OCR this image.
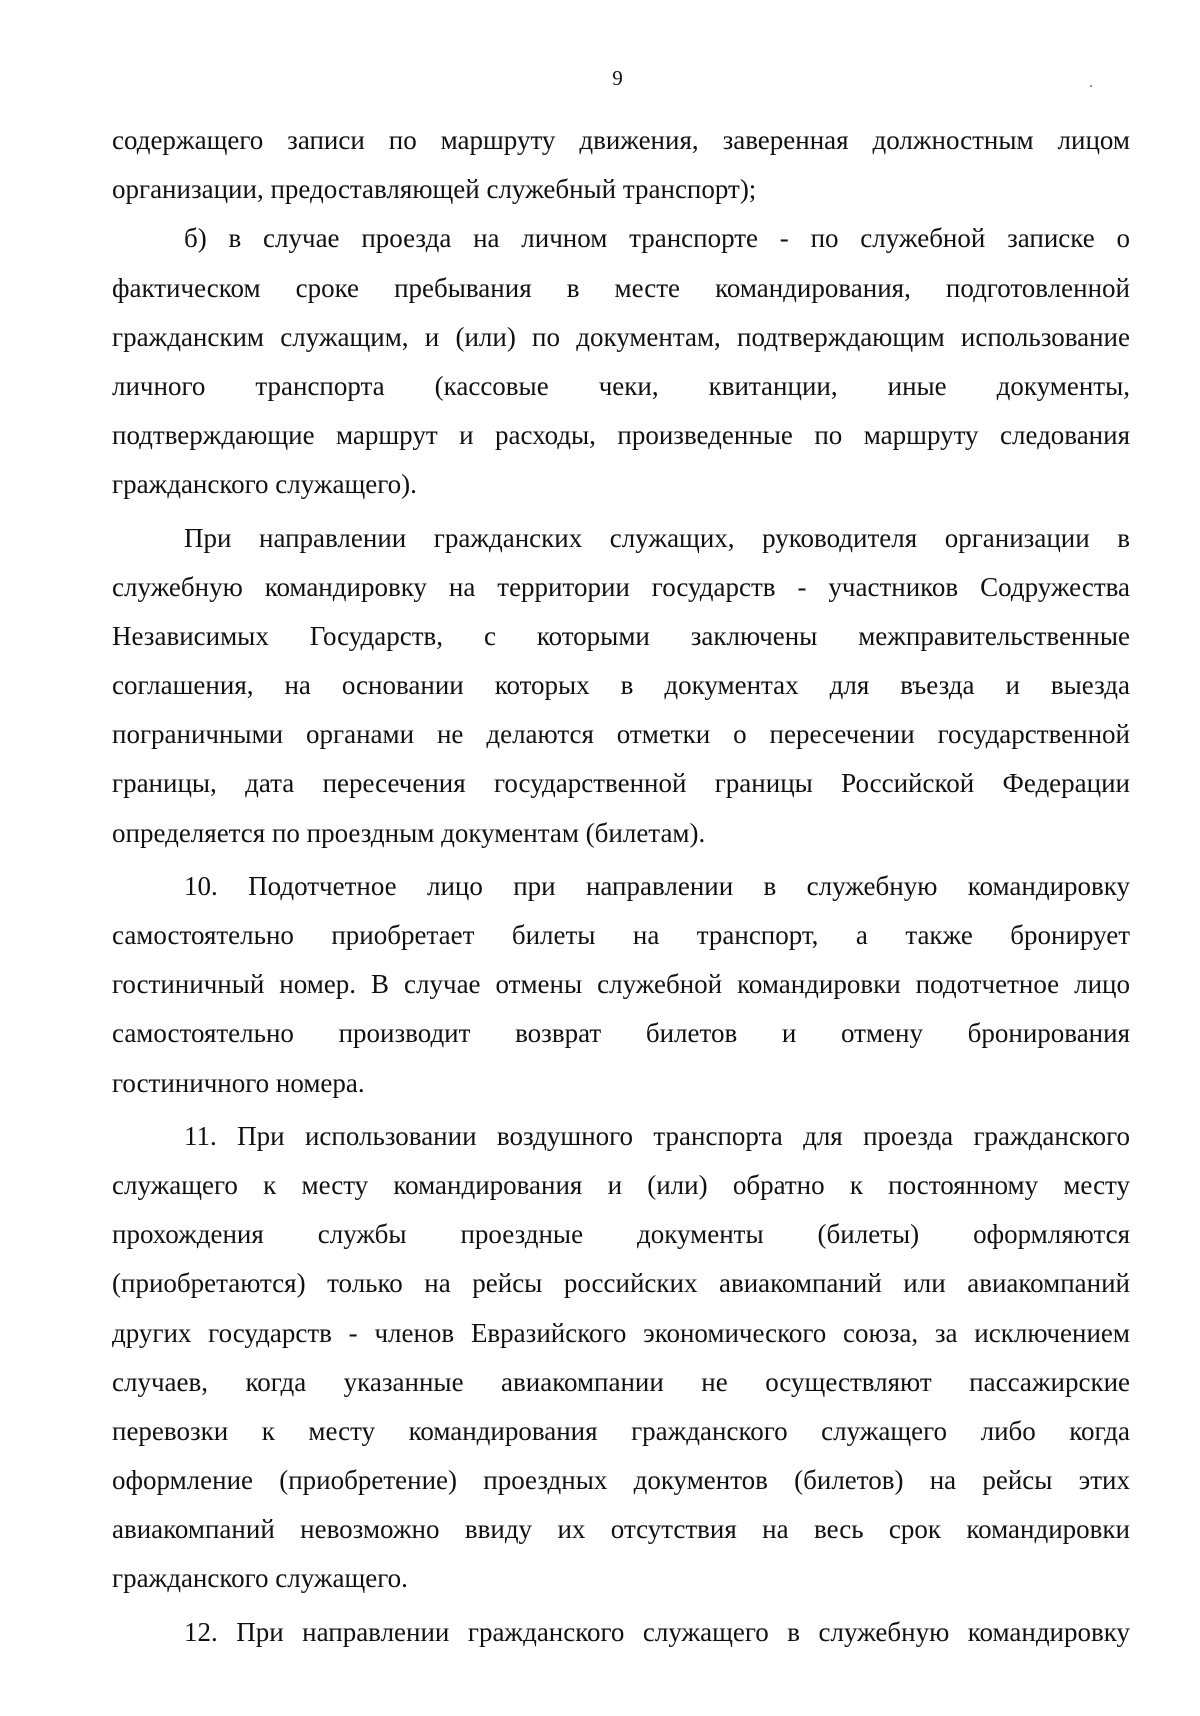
9
содержащего записи по маршруту движения, заверенная должностным лицом
организации, предоставляющей служебный транспорт);
б) в случае проезда на личном транспорте - по служебной записке о
фактическом сроке пребывания в месте командирования, подготовленной
гражданским служащим, и (или) по документам, подтверждающим использование
личного транспорта (кассовые чеки, квитанции, иные документы,
подтверждающие маршрут и расходы, произведенные по маршруту следования
гражданского служащего).
При направлении гражданских служащих, руководителя организации в
служебную командировку на территории государств - участников Содружества
Независимых Государств, с которыми заключены межправительственные
соглашения, на основании которых в документах для въезда и выезда
пограничными органами не делаются отметки о пересечении государственной
границы, дата пересечения государственной границы Российской Федерации
определяется по проездным документам (билетам).
10. Подотчетное лицо при направлении в служебную командировку
самостоятельно приобретает билеты на транспорт, а также бронирует
гостиничный номер. В случае отмены служебной командировки подотчетное лицо
самостоятельно производит возврат билетов и отмену бронирования
гостиничного номера.
11. При использовании воздушного транспорта для проезда гражданского
служащего к месту командирования и (или) обратно к постоянному месту
прохождения службы проездные документы (билеты) оформляются
(приобретаются) только на рейсы российских авиакомпаний или авиакомпаний
других государств - членов Евразийского экономического союза, за исключением
случаев, когда указанные авиакомпании не осуществляют пассажирские
перевозки к месту командирования гражданского служащего либо когда
оформление (приобретение) проездных документов (билетов) на рейсы этих
авиакомпаний невозможно ввиду их отсутствия на весь срок командировки
гражданского служащего.
12. При направлении гражданского служащего в служебную командировку
